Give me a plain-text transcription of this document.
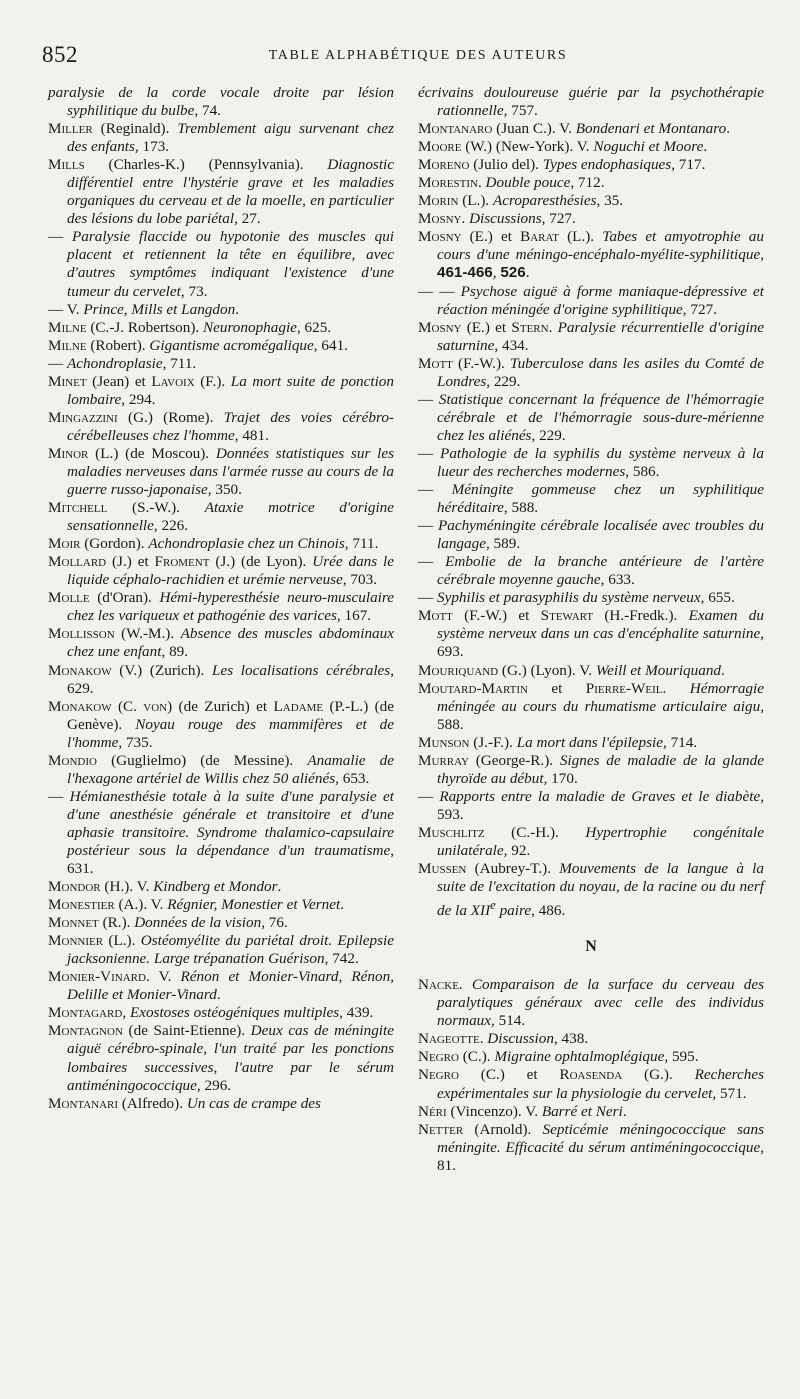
852	TABLE ALPHABÉTIQUE DES AUTEURS

paralysie de la corde vocale droite par lésion syphilitique du bulbe, 74.

Miller (Reginald). Tremblement aigu survenant chez des enfants, 173.

Mills (Charles-K.) (Pennsylvania). Diagnostic différentiel entre l'hystérie grave et les maladies organiques du cerveau et de la moelle, en particulier des lésions du lobe pariétal, 27.

— Paralysie flaccide ou hypotonie des muscles qui placent et retiennent la tête en équilibre, avec d'autres symptômes indiquant l'existence d'une tumeur du cervelet, 73.

— V. Prince, Mills et Langdon.

Milne (C.-J. Robertson). Neuronophagie, 625.

Milne (Robert). Gigantisme acromégalique, 641.

— Achondroplasie, 711.

Minet (Jean) et Lavoix (F.). La mort suite de ponction lombaire, 294.

Mingazzini (G.) (Rome). Trajet des voies cérébro-cérébelleuses chez l'homme, 481.

Minor (L.) (de Moscou). Données statistiques sur les maladies nerveuses dans l'armée russe au cours de la guerre russo-japonaise, 350.

Mitchell (S.-W.). Ataxie motrice d'origine sensationnelle, 226.

Moir (Gordon). Achondroplasie chez un Chinois, 711.

Mollard (J.) et Froment (J.) (de Lyon). Urée dans le liquide céphalo-rachidien et urémie nerveuse, 703.

Molle (d'Oran). Hémi-hyperesthésie neuro-musculaire chez les variqueux et pathogénie des varices, 167.

Mollisson (W.-M.). Absence des muscles abdominaux chez une enfant, 89.

Monakow (V.) (Zurich). Les localisations cérébrales, 629.

Monakow (C. von) (de Zurich) et Ladame (P.-L.) (de Genève). Noyau rouge des mammifères et de l'homme, 735.

Mondio (Guglielmo) (de Messine). Anamalie de l'hexagone artériel de Willis chez 50 aliénés, 653.

— Hémianesthésie totale à la suite d'une paralysie et d'une anesthésie générale et transitoire et d'une aphasie transitoire. Syndrome thalamico-capsulaire postérieur sous la dépendance d'un traumatisme, 631.

Mondor (H.). V. Kindberg et Mondor.

Monestier (A.). V. Régnier, Monestier et Vernet.

Monnet (R.). Données de la vision, 76.

Monnier (L.). Ostéomyélite du pariétal droit. Epilepsie jacksonienne. Large trépanation Guérison, 742.

Monier-Vinard. V. Rénon et Monier-Vinard, Rénon, Delille et Monier-Vinard.

Montagard, Exostoses ostéogéniques multiples, 439.

Montagnon (de Saint-Etienne). Deux cas de méningite aiguë cérébro-spinale, l'un traité par les ponctions lombaires successives, l'autre par le sérum antiméningococcique, 296.

Montanari (Alfredo). Un cas de crampe des

écrivains douloureuse guérie par la psychothérapie rationnelle, 757.

Montanaro (Juan C.). V. Bondenari et Montanaro.

Moore (W.) (New-York). V. Noguchi et Moore.

Moreno (Julio del). Types endophasiques, 717.

Morestin. Double pouce, 712.

Morin (L.). Acroparesthésies, 35.

Mosny. Discussions, 727.

Mosny (E.) et Barat (L.). Tabes et amyotrophie au cours d'une méningo-encéphalo-myélite-syphilitique, 461-466, 526.

— — Psychose aiguë à forme maniaque-dépressive et réaction méningée d'origine syphilitique, 727.

Mosny (E.) et Stern. Paralysie récurrentielle d'origine saturnine, 434.

Mott (F.-W.). Tuberculose dans les asiles du Comté de Londres, 229.

— Statistique concernant la fréquence de l'hémorragie cérébrale et de l'hémorragie sous-dure-mérienne chez les aliénés, 229.

— Pathologie de la syphilis du système nerveux à la lueur des recherches modernes, 586.

— Méningite gommeuse chez un syphilitique héréditaire, 588.

— Pachyméningite cérébrale localisée avec troubles du langage, 589.

— Embolie de la branche antérieure de l'artère cérébrale moyenne gauche, 633.

— Syphilis et parasyphilis du système nerveux, 655.

Mott (F.-W.) et Stewart (H.-Fredk.). Examen du système nerveux dans un cas d'encéphalite saturnine, 693.

Mouriquand (G.) (Lyon). V. Weill et Mouriquand.

Moutard-Martin et Pierre-Weil. Hémorragie méningée au cours du rhumatisme articulaire aigu, 588.

Munson (J.-F.). La mort dans l'épilepsie, 714.

Murray (George-R.). Signes de maladie de la glande thyroïde au début, 170.

— Rapports entre la maladie de Graves et le diabète, 593.

Muschlitz (C.-H.). Hypertrophie congénitale unilatérale, 92.

Mussen (Aubrey-T.). Mouvements de la langue à la suite de l'excitation du noyau, de la racine ou du nerf de la XIIe paire, 486.

N

Nacke. Comparaison de la surface du cerveau des paralytiques généraux avec celle des individus normaux, 514.

Nageotte. Discussion, 438.

Negro (C.). Migraine ophtalmoplégique, 595.

Negro (C.) et Roasenda (G.). Recherches expérimentales sur la physiologie du cervelet, 571.

Néri (Vincenzo). V. Barré et Neri.

Netter (Arnold). Septicémie méningococcique sans méningite. Efficacité du sérum antiméningococcique, 81.
